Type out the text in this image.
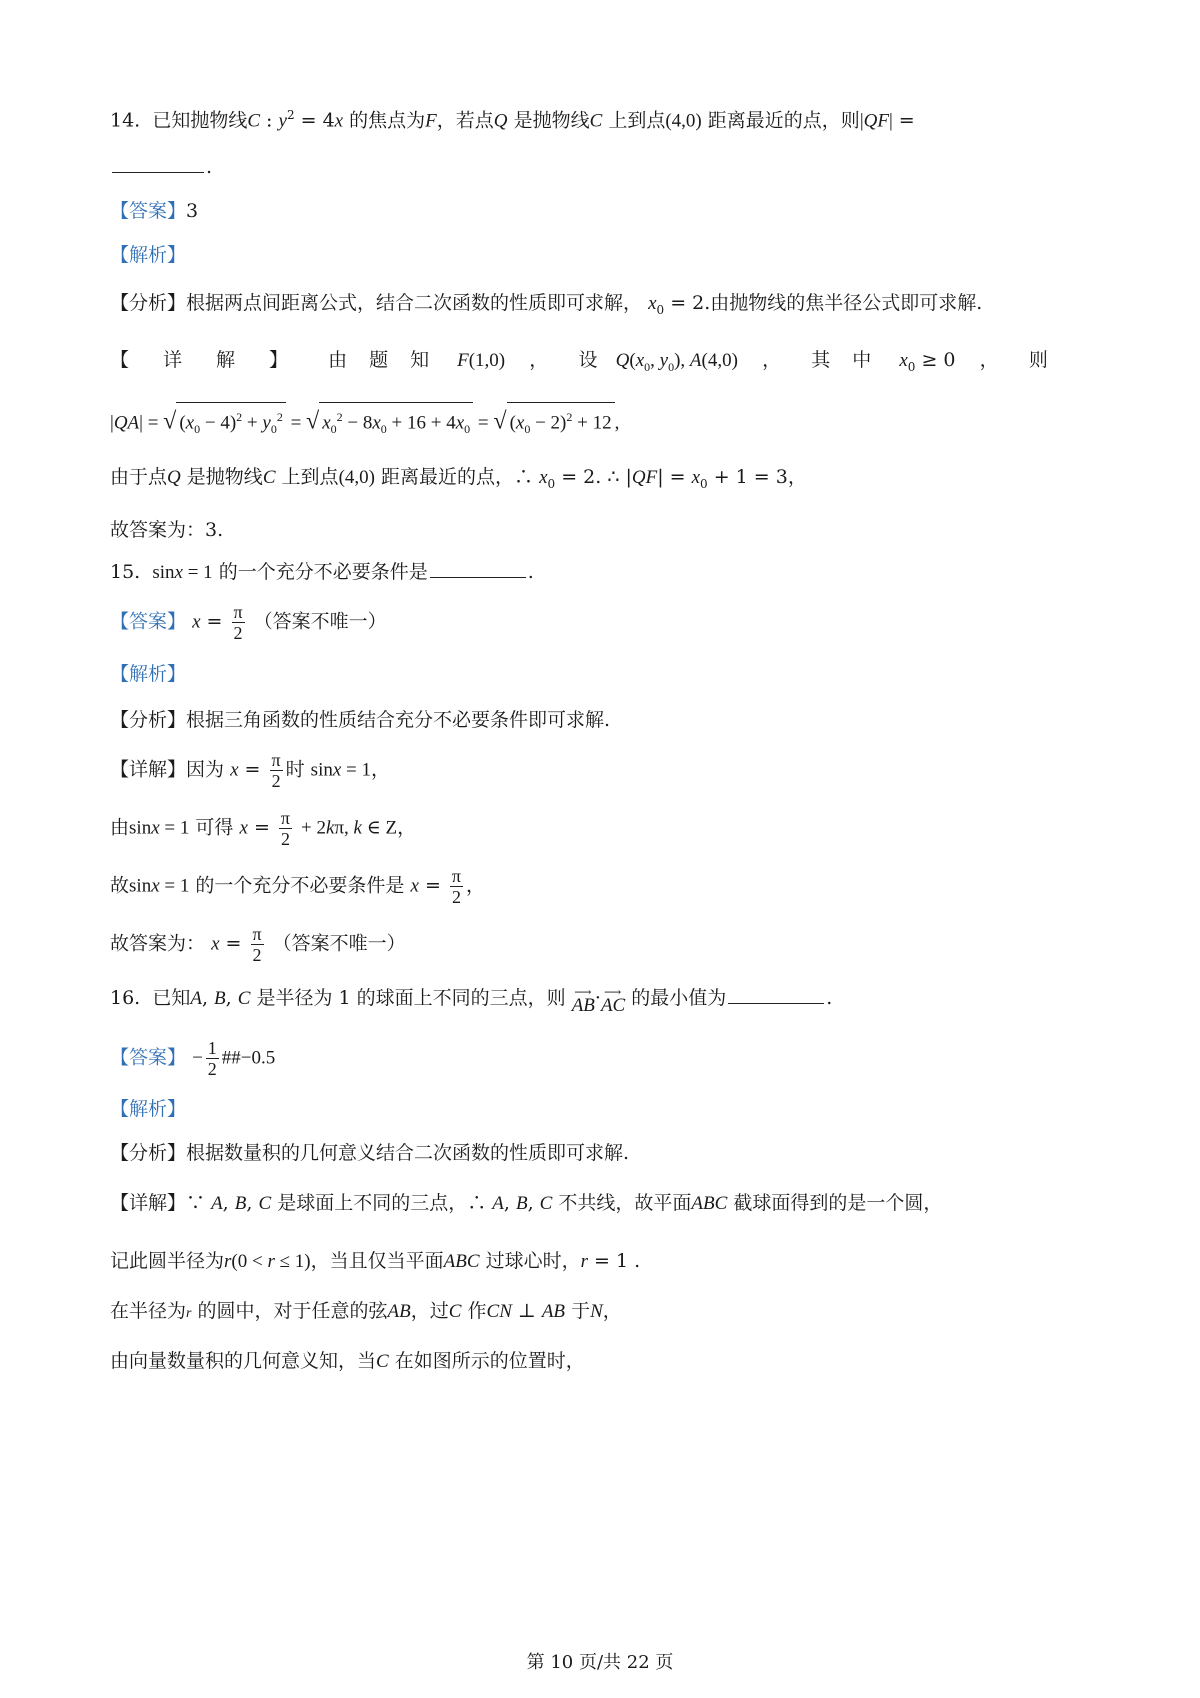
14. 已知抛物线C : $y^2 = 4x$ 的焦点为F，若点Q 是抛物线C 上到点(4,0) 距离最近的点，则|QF| =
.
【答案】3
【解析】
【分析】根据两点间距离公式，结合二次函数的性质即可求解， $x_0 = 2$.由抛物线的焦半径公式即可求解.
【详解】 由题知 F(1,0)    ，     设 $Q(x_0$, $y_0$), A(4,0)    ，     其中 $x_0 \ge 0$    ，     则
|QA| = √ $(x_0 - 4)^2 + y_0^2$ = √ $x_0^2 - 8x_0 + 16 + 4x_0$ = √ $(x_0 - 2)^2 + 12$ ,
由于点Q 是抛物线C 上到点(4,0) 距离最近的点，∴ $x_0 = 2$. ∴ $|QF| = x_0 + 1 = 3$，
故答案为：3.
15. sinx = 1 的一个充分不必要条件是	.
【答案】 $x = \frac{\pi}{2}$ （答案不唯一）
【解析】
【分析】根据三角函数的性质结合充分不必要条件即可求解.
【详解】因为 $x = \frac{\pi}{2}$ 时 sinx = 1，
由sinx = 1 可得 $x = \frac{\pi}{2} + 2k\pi$, k ∈ Z，
故sinx = 1 的一个充分不必要条件是 $x = \frac{\pi}{2}$ ，
故答案为： $x = \frac{\pi}{2}$ （答案不唯一）
16. 已知A, B, C 是半径为 1 的球面上不同的三点，则 ⟶
AB · ⟶
AC 的最小值为	.
【答案】 − $\frac{1}{2}$ ##−0.5
【解析】
【分析】根据数量积的几何意义结合二次函数的性质即可求解.
【详解】∵ A, B, C 是球面上不同的三点，∴ A, B, C 不共线，故平面ABC 截球面得到的是一个圆，
记此圆半径为r(0 < r ≤ 1)，当且仅当平面ABC 过球心时，r = 1 .
在半径为r 的圆中，对于任意的弦AB，过C 作CN ⊥ AB 于N，
由向量数量积的几何意义知，当C 在如图所示的位置时，
第 10 页/共 22 页
